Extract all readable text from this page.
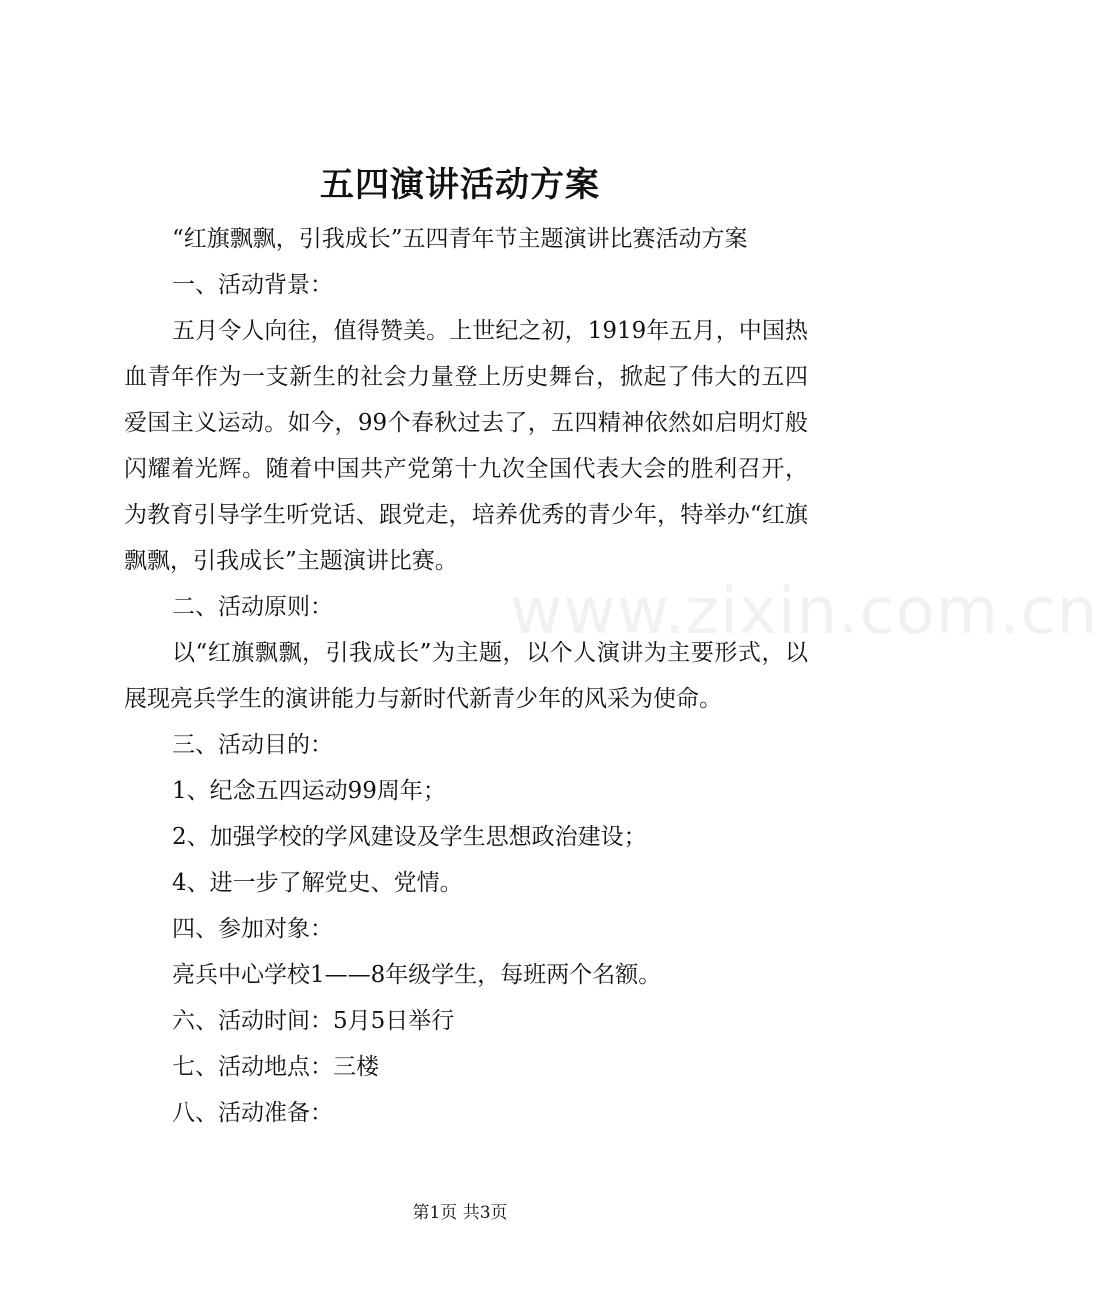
五四演讲活动方案

“红旗飘飘，引我成长”五四青年节主题演讲比赛活动方案

一、活动背景：

五月令人向往，值得赞美。上世纪之初，1919年五月，中国热血青年作为一支新生的社会力量登上历史舞台，掀起了伟大的五四爱国主义运动。如今，99个春秋过去了，五四精神依然如启明灯般闪耀着光辉。随着中国共产党第十九次全国代表大会的胜利召开，为教育引导学生听党话、跟党走，培养优秀的青少年，特举办“红旗飘飘，引我成长”主题演讲比赛。

二、活动原则：

以“红旗飘飘，引我成长”为主题，以个人演讲为主要形式，以展现亮兵学生的演讲能力与新时代新青少年的风采为使命。

三、活动目的：

1、纪念五四运动99周年；

2、加强学校的学风建设及学生思想政治建设；

4、进一步了解党史、党情。

四、参加对象：

亮兵中心学校1——8年级学生，每班两个名额。

六、活动时间：5月5日举行

七、活动地点：三楼

八、活动准备：

www.zixin.com.cn
第1页 共3页
